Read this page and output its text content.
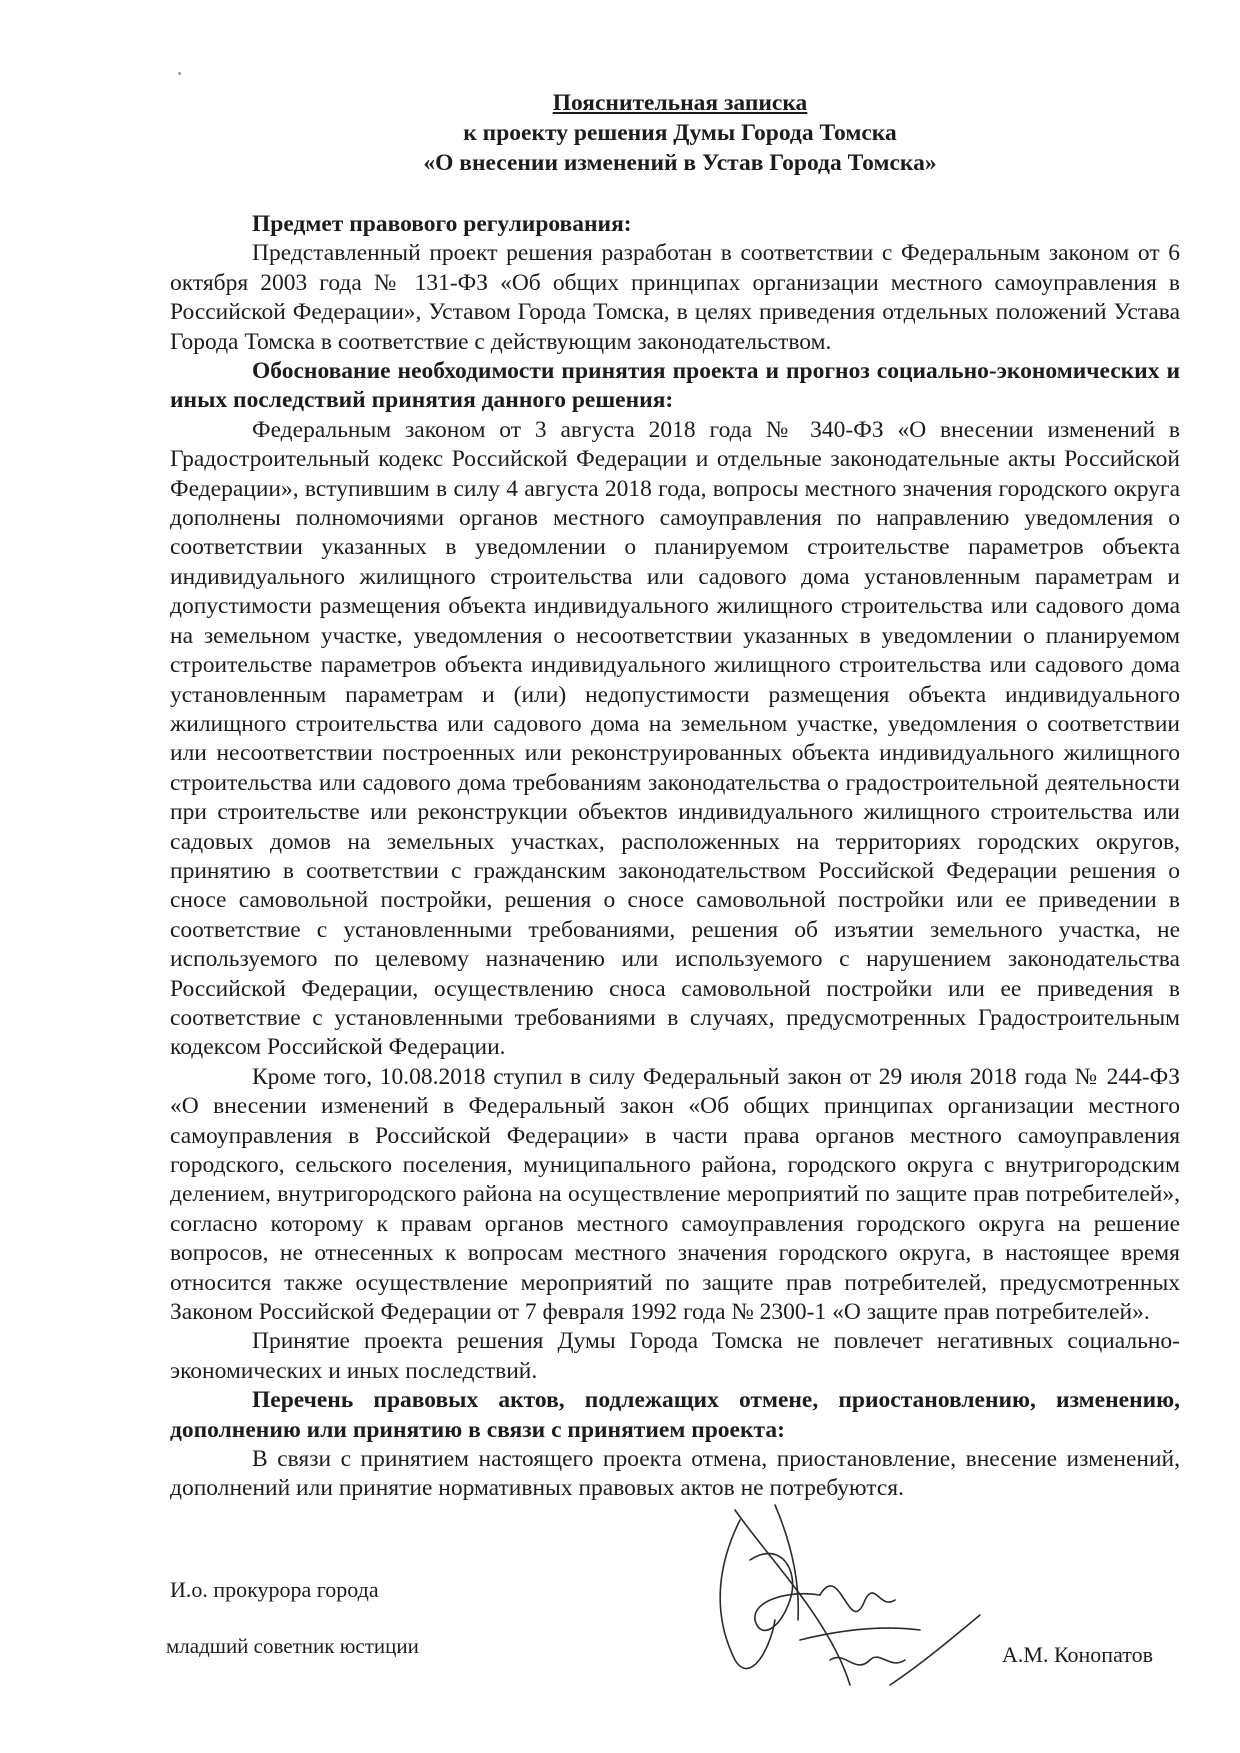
Пояснительная записка
к проекту решения Думы Города Томска
«О внесении изменений в Устав Города Томска»

Предмет правового регулирования:

Представленный проект решения разработан в соответствии с Федеральным законом от 6 октября 2003 года № 131-ФЗ «Об общих принципах организации местного самоуправления в Российской Федерации», Уставом Города Томска, в целях приведения отдельных положений Устава Города Томска в соответствие с действующим законодательством.

Обоснование необходимости принятия проекта и прогноз социально-экономических и иных последствий принятия данного решения:

Федеральным законом от 3 августа 2018 года № 340-ФЗ «О внесении изменений в Градостроительный кодекс Российской Федерации и отдельные законодательные акты Российской Федерации», вступившим в силу 4 августа 2018 года, вопросы местного значения городского округа дополнены полномочиями органов местного самоуправления по направлению уведомления о соответствии указанных в уведомлении о планируемом строительстве параметров объекта индивидуального жилищного строительства или садового дома установленным параметрам и допустимости размещения объекта индивидуального жилищного строительства или садового дома на земельном участке, уведомления о несоответствии указанных в уведомлении о планируемом строительстве параметров объекта индивидуального жилищного строительства или садового дома установленным параметрам и (или) недопустимости размещения объекта индивидуального жилищного строительства или садового дома на земельном участке, уведомления о соответствии или несоответствии построенных или реконструированных объекта индивидуального жилищного строительства или садового дома требованиям законодательства о градостроительной деятельности при строительстве или реконструкции объектов индивидуального жилищного строительства или садовых домов на земельных участках, расположенных на территориях городских округов, принятию в соответствии с гражданским законодательством Российской Федерации решения о сносе самовольной постройки, решения о сносе самовольной постройки или ее приведении в соответствие с установленными требованиями, решения об изъятии земельного участка, не используемого по целевому назначению или используемого с нарушением законодательства Российской Федерации, осуществлению сноса самовольной постройки или ее приведения в соответствие с установленными требованиями в случаях, предусмотренных Градостроительным кодексом Российской Федерации.

Кроме того, 10.08.2018 ступил в силу Федеральный закон от 29 июля 2018 года № 244-ФЗ «О внесении изменений в Федеральный закон «Об общих принципах организации местного самоуправления в Российской Федерации» в части права органов местного самоуправления городского, сельского поселения, муниципального района, городского округа с внутригородским делением, внутригородского района на осуществление мероприятий по защите прав потребителей», согласно которому к правам органов местного самоуправления городского округа на решение вопросов, не отнесенных к вопросам местного значения городского округа, в настоящее время относится также осуществление мероприятий по защите прав потребителей, предусмотренных Законом Российской Федерации от 7 февраля 1992 года № 2300-1 «О защите прав потребителей».

Принятие проекта решения Думы Города Томска не повлечет негативных социально-экономических и иных последствий.

Перечень правовых актов, подлежащих отмене, приостановлению, изменению, дополнению или принятию в связи с принятием проекта:

В связи с принятием настоящего проекта отмена, приостановление, внесение изменений, дополнений или принятие нормативных правовых актов не потребуются.

И.о. прокурора города
младший советник юстиции	А.М. Конопатов
